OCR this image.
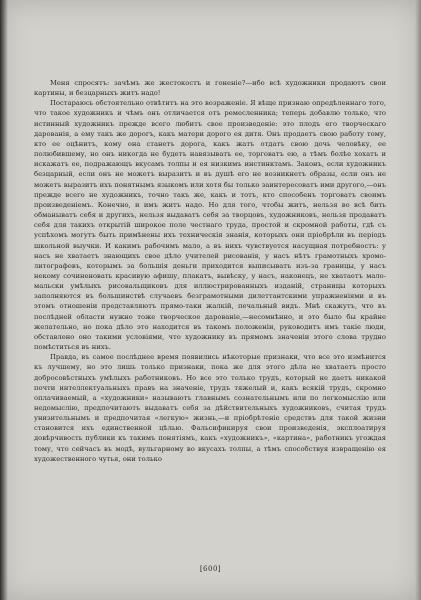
Меня спросятъ: зачѣмъ же жестокостъ и гоненіе?—ибо всѣ художники продаютъ свои картины, и безцарныхъ житъ надо!

Постараюсь обстоятельно отвѣтитъ на это возраженіе. Я вѣще признаю опредѣленнаго того, что такое художникъ и чѣмъ онъ отличается отъ ремесленника; теперь добавлю только, что истинный художникъ прежде всего любитъ свое произведеніе: это плодъ его творческаго дарованія, а ему такъ же дорогъ, какъ матери дорого ея дитя. Онъ продаетъ свою работу тому, кто ее оцѣнитъ, кому она станетъ дорога, какъ жатъ отдатъ свою дочь человѣку, ее полюбившему, но онъ никогда не будетъ навязыватъ ее, торговатъ ею, а тѣмъ болѣе хохатъ и искажатъ ее, подражающъ вкусамъ толпы и ея низкимъ инстинктамъ. Законъ, если художникъ безцарный, если онъ не можетъ выразитъ и въ душѣ его не возникнетъ образы, если онъ не можетъ выразитъ ихъ понятнымъ языкомъ или хотя бы только заинтересоватъ ими другого,—онъ прежде всего не художникъ, точно такъ же, какъ и тотъ, кто способенъ торговатъ своимъ произведеніемъ. Конечно, и имъ житъ надо. Но для того, чтобы житъ, нельзя во всѣ бить обманыватъ себя и другихъ, нельзя выдаватъ себя за творцовъ, художниковъ, нельзя продаватъ себя для такихъ открытій широкое поле честнаго труда, простой и скромной работы, гдѣ съ успѣхомъ могутъ быть примѣнены ихъ техническія знанія, которыхъ они пріобрѣли въ періодъ школьной выучки. И какимъ рабочимъ мало, а въ нихъ чувствуется насущная потребностъ: у насъ не хватаетъ знающихъ свое дѣло учителей рисованія, у насъ нѣтъ грамотныхъ хромо-литографовъ, которымъ за большія деньги приходится выписыватъ изъ-за границы, у насъ некому сочиненовать красивую афишу, плакатъ, вывѣску, у насъ, наконецъ, не хватаетъ мало-мальски умѣлыхъ рисовальщиковъ для иллюстрированныхъ изданій, страницы которыхъ заполняются въ большинствѣ случаевъ безграмотными дилеттантскими упражненіями и въ этомъ отношеніи представляютъ прямо-таки жалкій, печальный видъ. Мнѣ скажутъ, что въ послѣдней области нужно тоже творческое дарованіе,—несомнѣнно, и это было бы крайне желательно, но пока дѣло это находится въ такомъ положеніи, руководитъ имъ такіе люди, обставлено оно такими условіями, что художнику въ прямомъ значеніи этого слова трудно помѣститься въ нихъ.

Правда, въ самое послѣднее время появились нѣкоторые признаки, что все это измѣнится къ лучшему, но это лишь только признаки, пока же для этого дѣла не хватаетъ просто добросовѣстныхъ умѣлыхъ работниковъ. Но все это только трудъ, который не даетъ никакой почти интеллектуальныхъ правъ на значеніе, трудъ тяжелый и, какъ всякій трудъ, скромно оплачиваемый, а «художники» называютъ главнымъ сознательнымъ или по легкомыслію или недомыслію, предпочитаютъ выдаватъ себя за дѣйствительныхъ художниковъ, считая трудъ унизительнымъ и предпочитая «легкую» жизнь,—и пріобрѣтеніе средствъ для такой жизни становится ихъ единственной цѣлью. Фальсификируя свои произведенія, эксплоатируя довѣрчивость публики къ такимъ понятіямъ, какъ «художникъ», «картина», работникъ угождая тому, что сейчасъ въ модѣ, вульгарному во вкусахъ толпы, а тѣмъ способствуя извращенію ея художественного чутья, они только

[600]
